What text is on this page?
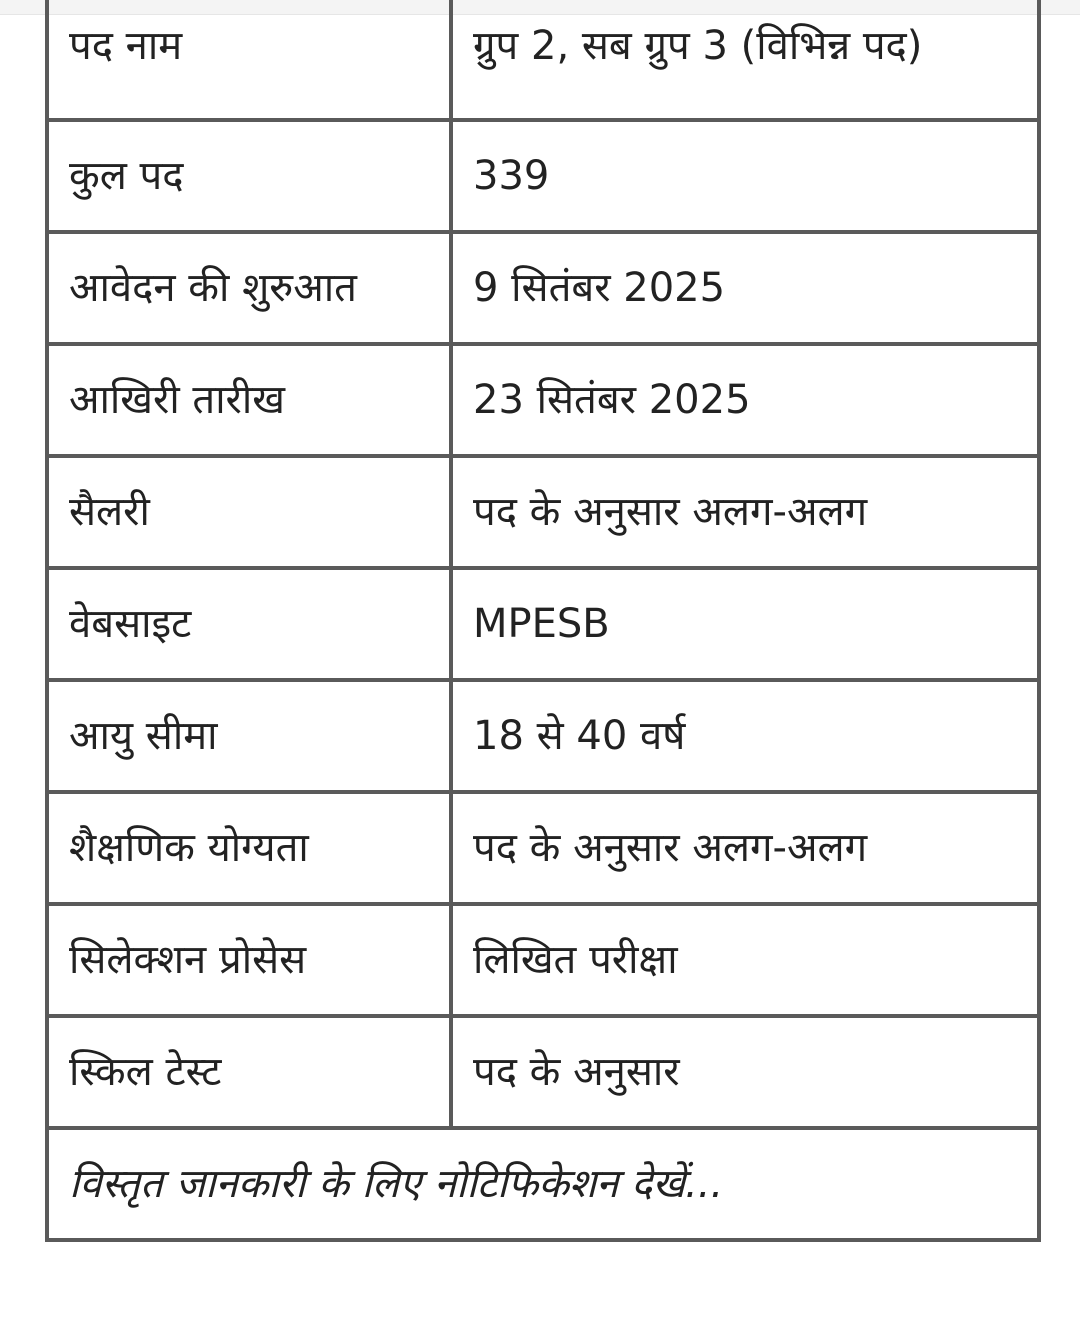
पद नाम	ग्रुप 2, सब ग्रुप 3 (विभिन्न पद)
कुल पद	339
आवेदन की शुरुआत	9 सितंबर 2025
आखिरी तारीख	23 सितंबर 2025
सैलरी	पद के अनुसार अलग-अलग
वेबसाइट	MPESB
आयु सीमा	18 से 40 वर्ष
शैक्षणिक योग्यता	पद के अनुसार अलग-अलग
सिलेक्शन प्रोसेस	लिखित परीक्षा
स्किल टेस्ट	पद के अनुसार
विस्तृत जानकारी के लिए नोटिफिकेशन देखें...	
